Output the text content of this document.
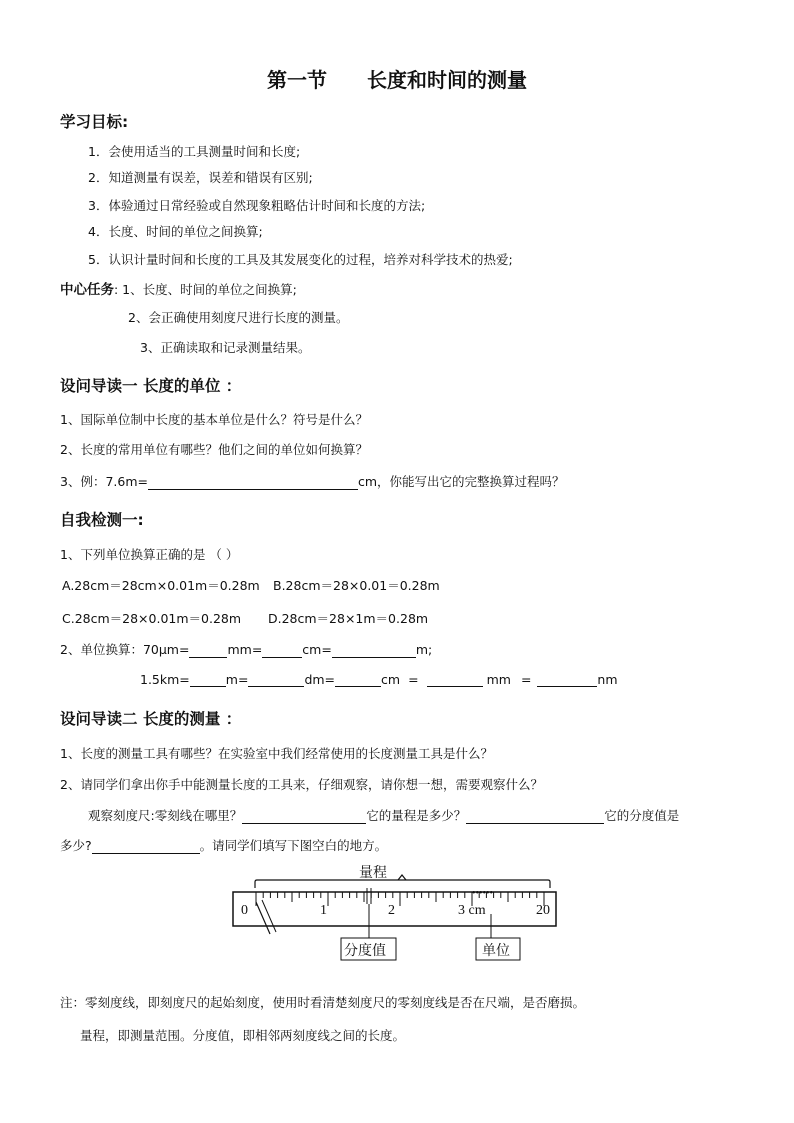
第一节　　长度和时间的测量
学习目标:
1．会使用适当的工具测量时间和长度;
2．知道测量有误差，误差和错误有区别;
3．体验通过日常经验或自然现象粗略估计时间和长度的方法;
4．长度、时间的单位之间换算;
5．认识计量时间和长度的工具及其发展变化的过程，培养对科学技术的热爱;
中心任务: 1、长度、时间的单位之间换算;
2、会正确使用刻度尺进行长度的测量。
3、正确读取和记录测量结果。
设问导读一 长度的单位 ：
1、国际单位制中长度的基本单位是什么？符号是什么？
2、长度的常用单位有哪些？他们之间的单位如何换算？
3、例：7.6m=	cm，你能写出它的完整换算过程吗？
自我检测一:
1、下列单位换算正确的是 （ ）
A.28cm＝28cm×0.01m＝0.28m B.28cm＝28×0.01＝0.28m
C.28cm＝28×0.01m＝0.28m D.28cm＝28×1m＝0.28m
2、单位换算：70μm=	mm=	cm=	m;
1.5km=	m=	dm=	cm =	mm =	nm
设问导读二 长度的测量 ：
1、长度的测量工具有哪些？在实验室中我们经常使用的长度测量工具是什么？
2、请同学们拿出你手中能测量长度的工具来，仔细观察，请你想一想，需要观察什么？
观察刻度尺:零刻线在哪里？	它的量程是多少？	它的分度值是
多少?	。请同学们填写下图空白的地方。
量程
0	1	2	3 cm	20
••••••
分度值	单位
注：零刻度线，即刻度尺的起始刻度，使用时看清楚刻度尺的零刻度线是否在尺端，是否磨损。
量程，即测量范围。分度值，即相邻两刻度线之间的长度。
